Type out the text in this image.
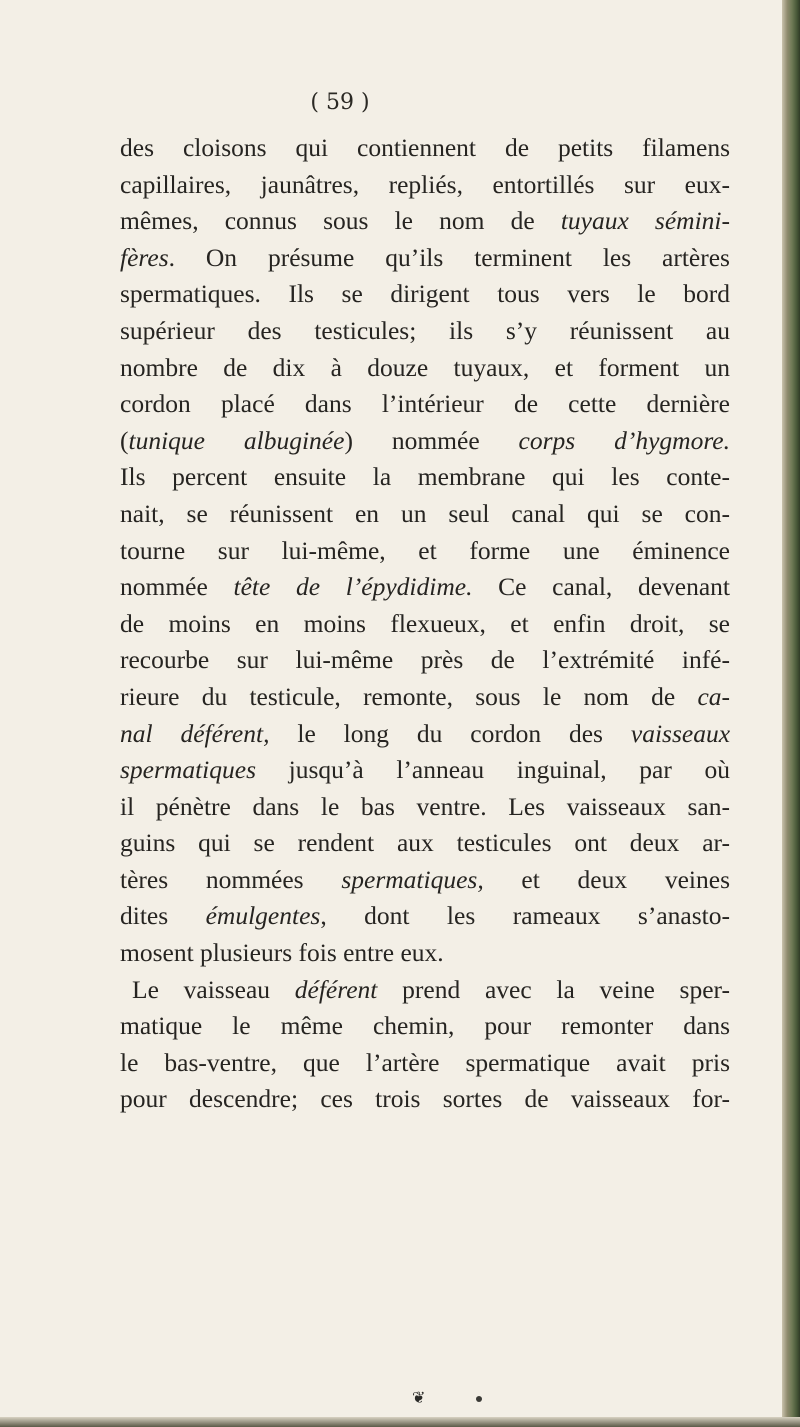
( 59 )

des cloisons qui contiennent de petits filamens
capillaires, jaunâtres, repliés, entortillés sur eux-
mêmes, connus sous le nom de tuyaux sémini-
fères. On présume qu’ils terminent les artères
spermatiques. Ils se dirigent tous vers le bord
supérieur des testicules; ils s’y réunissent au
nombre de dix à douze tuyaux, et forment un
cordon placé dans l’intérieur de cette dernière
(tunique albuginée) nommée corps d’hygmore.
Ils percent ensuite la membrane qui les conte-
nait, se réunissent en un seul canal qui se con-
tourne sur lui-même, et forme une éminence
nommée tête de l’épydidime. Ce canal, devenant
de moins en moins flexueux, et enfin droit, se
recourbe sur lui-même près de l’extrémité infé-
rieure du testicule, remonte, sous le nom de ca-
nal déférent, le long du cordon des vaisseaux
spermatiques jusqu’à l’anneau inguinal, par où
il pénètre dans le bas ventre. Les vaisseaux san-
guins qui se rendent aux testicules ont deux ar-
tères nommées spermatiques, et deux veines
dites émulgentes, dont les rameaux s’anasto-
mosent plusieurs fois entre eux.
Le vaisseau déférent prend avec la veine sper-
matique le même chemin, pour remonter dans
le bas-ventre, que l’artère spermatique avait pris
pour descendre; ces trois sortes de vaisseaux for-
❦
